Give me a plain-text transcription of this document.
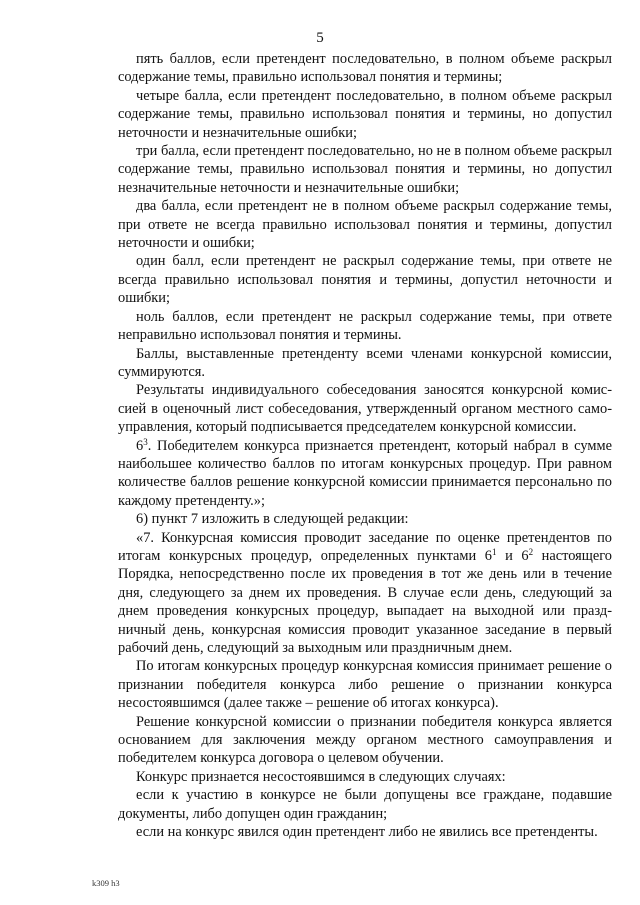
5

пять баллов, если претендент последовательно, в полном объеме раскрыл содержание темы, правильно использовал понятия и термины;

четыре балла, если претендент последовательно, в полном объеме раскрыл содержание темы, правильно использовал понятия и термины, но допустил неточности и незначительные ошибки;

три балла, если претендент последовательно, но не в полном объеме раскрыл содержание темы, правильно использовал понятия и термины, но допустил незначительные неточности и незначительные ошибки;

два балла, если претендент не в полном объеме раскрыл содержание темы, при ответе не всегда правильно использовал понятия и термины, допустил неточности и ошибки;

один балл, если претендент не раскрыл содержание темы, при ответе не всегда правильно использовал понятия и термины, допустил неточности и ошибки;

ноль баллов, если претендент не раскрыл содержание темы, при ответе неправильно использовал понятия и термины.

Баллы, выставленные претенденту всеми членами конкурсной комиссии, суммируются.

Результаты индивидуального собеседования заносятся конкурсной комиссией в оценочный лист собеседования, утвержденный органом местного самоуправления, который подписывается председателем конкурсной комиссии.

$6^3$. Победителем конкурса признается претендент, который набрал в сумме наибольшее количество баллов по итогам конкурсных процедур. При равном количестве баллов решение конкурсной комиссии принимается персонально по каждому претенденту.»;

6) пункт 7 изложить в следующей редакции:

«7. Конкурсная комиссия проводит заседание по оценке претендентов по итогам конкурсных процедур, определенных пунктами $6^1$ и $6^2$ настоящего Порядка, непосредственно после их проведения в тот же день или в течение дня, следующего за днем их проведения. В случае если день, следующий за днем проведения конкурсных процедур, выпадает на выходной или праздничный день, конкурсная комиссия проводит указанное заседание в первый рабочий день, следующий за выходным или праздничным днем.

По итогам конкурсных процедур конкурсная комиссия принимает решение о признании победителя конкурса либо решение о признании конкурса несостоявшимся (далее также – решение об итогах конкурса).

Решение конкурсной комиссии о признании победителя конкурса является основанием для заключения между органом местного самоуправления и победителем конкурса договора о целевом обучении.

Конкурс признается несостоявшимся в следующих случаях:

если к участию в конкурсе не были допущены все граждане, подавшие документы, либо допущен один гражданин;

если на конкурс явился один претендент либо не явились все претенденты.

k309 h3
